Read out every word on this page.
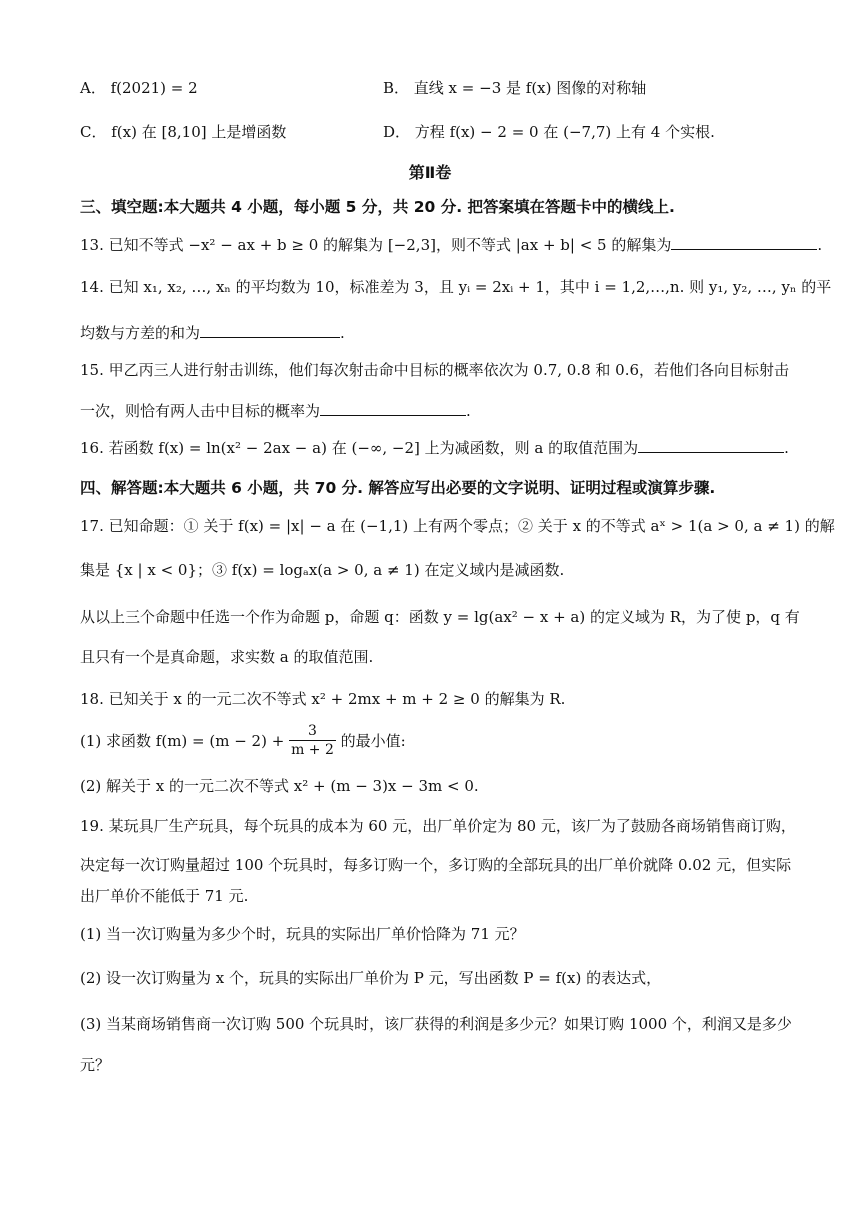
A． f(2021) = 2	B． 直线 x = −3 是 f(x) 图像的对称轴
C． f(x) 在 [8,10] 上是增函数	D． 方程 f(x) − 2 = 0 在 (−7,7) 上有 4 个实根.
第Ⅱ卷
三、填空题:本大题共 4 小题，每小题 5 分，共 20 分. 把答案填在答题卡中的横线上.
13. 已知不等式 −x² − ax + b ≥ 0 的解集为 [−2,3]，则不等式 |ax + b| < 5 的解集为	.
14. 已知 x₁, x₂, …, xₙ 的平均数为 10，标准差为 3，且 yᵢ = 2xᵢ + 1，其中 i = 1,2,…,n. 则 y₁, y₂, …, yₙ 的平
均数与方差的和为	.
15. 甲乙丙三人进行射击训练，他们每次射击命中目标的概率依次为 0.7, 0.8 和 0.6，若他们各向目标射击
一次，则恰有两人击中目标的概率为	.
16. 若函数 f(x) = ln(x² − 2ax − a) 在 (−∞, −2] 上为减函数，则 a 的取值范围为	.
四、解答题:本大题共 6 小题，共 70 分. 解答应写出必要的文字说明、证明过程或演算步骤.
17. 已知命题：① 关于 f(x) = |x| − a 在 (−1,1) 上有两个零点；② 关于 x 的不等式 aˣ > 1(a > 0, a ≠ 1) 的解
集是 {x | x < 0}；③ f(x) = logₐx(a > 0, a ≠ 1) 在定义域内是减函数.
从以上三个命题中任选一个作为命题 p，命题 q：函数 y = lg(ax² − x + a) 的定义域为 R，为了使 p，q 有
且只有一个是真命题，求实数 a 的取值范围.
18. 已知关于 x 的一元二次不等式 x² + 2mx + m + 2 ≥ 0 的解集为 R.
(1) 求函数 $f(m) = (m - 2) + \frac{3}{m + 2}$ 的最小值:
(2) 解关于 x 的一元二次不等式 x² + (m − 3)x − 3m < 0.
19. 某玩具厂生产玩具，每个玩具的成本为 60 元，出厂单价定为 80 元，该厂为了鼓励各商场销售商订购，
决定每一次订购量超过 100 个玩具时，每多订购一个，多订购的全部玩具的出厂单价就降 0.02 元，但实际
出厂单价不能低于 71 元.
(1) 当一次订购量为多少个时，玩具的实际出厂单价恰降为 71 元？
(2) 设一次订购量为 x 个，玩具的实际出厂单价为 P 元，写出函数 P = f(x) 的表达式，
(3) 当某商场销售商一次订购 500 个玩具时，该厂获得的利润是多少元？如果订购 1000 个，利润又是多少
元？
